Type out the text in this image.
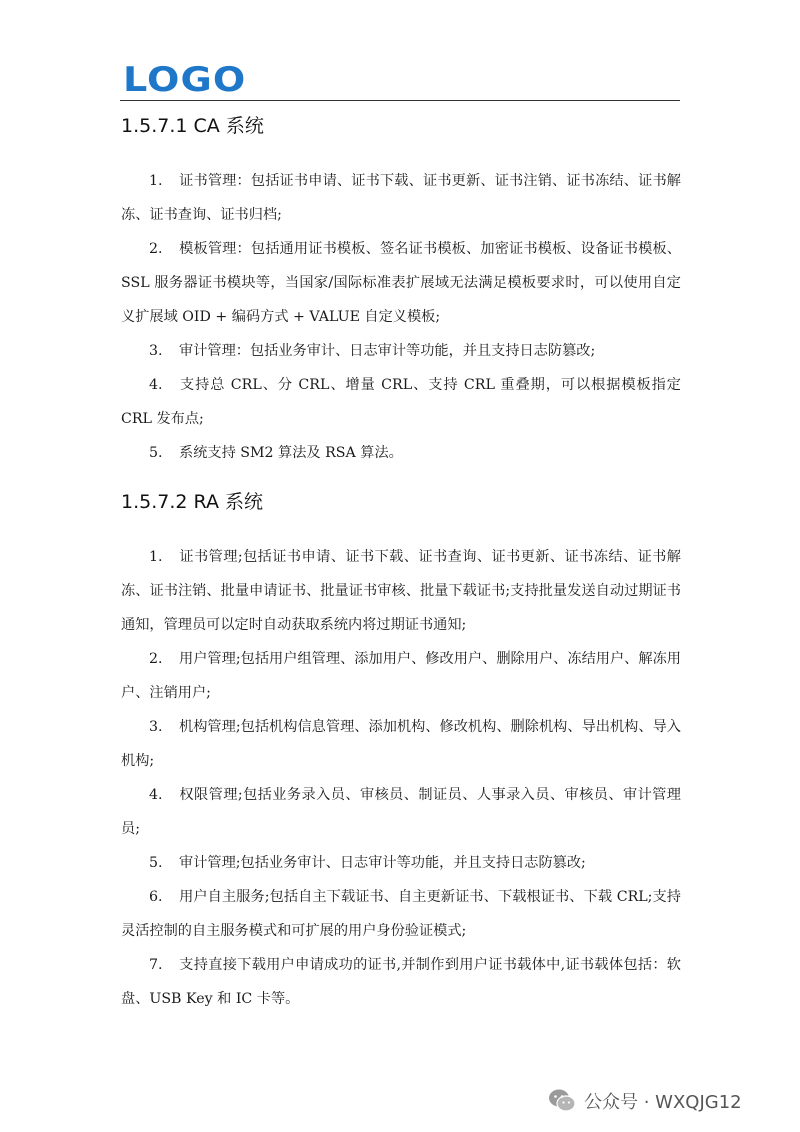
LOGO
1.5.7.1 CA 系统
1. 证书管理：包括证书申请、证书下载、证书更新、证书注销、证书冻结、证书解冻、证书查询、证书归档;
2. 模板管理：包括通用证书模板、签名证书模板、加密证书模板、设备证书模板、SSL 服务器证书模块等，当国家/国际标准表扩展域无法满足模板要求时，可以使用自定义扩展域 OID + 编码方式 + VALUE 自定义模板;
3. 审计管理：包括业务审计、日志审计等功能，并且支持日志防篡改;
4. 支持总 CRL、分 CRL、增量 CRL、支持 CRL 重叠期，可以根据模板指定 CRL 发布点;
5. 系统支持 SM2 算法及 RSA 算法。
1.5.7.2 RA 系统
1. 证书管理;包括证书申请、证书下载、证书查询、证书更新、证书冻结、证书解冻、证书注销、批量申请证书、批量证书审核、批量下载证书;支持批量发送自动过期证书通知，管理员可以定时自动获取系统内将过期证书通知;
2. 用户管理;包括用户组管理、添加用户、修改用户、删除用户、冻结用户、解冻用户、注销用户;
3. 机构管理;包括机构信息管理、添加机构、修改机构、删除机构、导出机构、导入机构;
4. 权限管理;包括业务录入员、审核员、制证员、人事录入员、审核员、审计管理员;
5. 审计管理;包括业务审计、日志审计等功能，并且支持日志防篡改;
6. 用户自主服务;包括自主下载证书、自主更新证书、下载根证书、下载 CRL;支持灵活控制的自主服务模式和可扩展的用户身份验证模式;
7. 支持直接下载用户申请成功的证书,并制作到用户证书载体中,证书载体包括：软盘、USB Key 和 IC 卡等。
公众号 · WXQJG12
